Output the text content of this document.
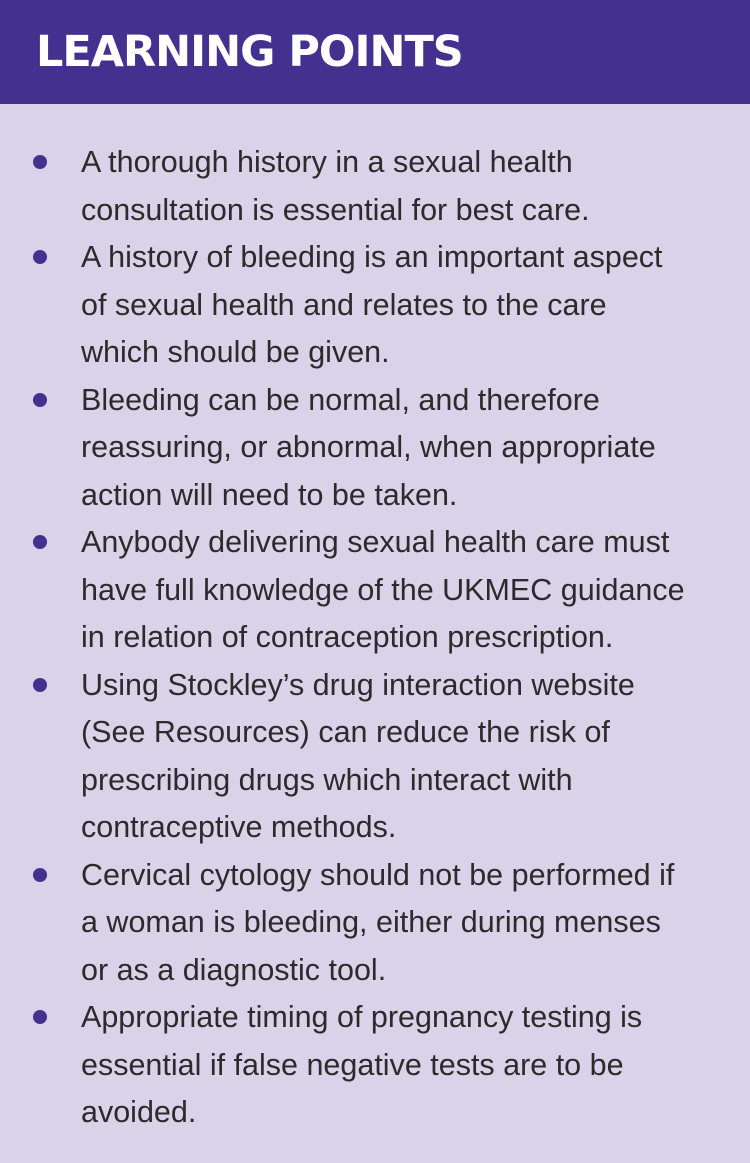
LEARNING POINTS
A thorough history in a sexual health
consultation is essential for best care.
A history of bleeding is an important aspect
of sexual health and relates to the care
which should be given.
Bleeding can be normal, and therefore
reassuring, or abnormal, when appropriate
action will need to be taken.
Anybody delivering sexual health care must
have full knowledge of the UKMEC guidance
in relation of contraception prescription.
Using Stockley’s drug interaction website
(See Resources) can reduce the risk of
prescribing drugs which interact with
contraceptive methods.
Cervical cytology should not be performed if
a woman is bleeding, either during menses
or as a diagnostic tool.
Appropriate timing of pregnancy testing is
essential if false negative tests are to be
avoided.
